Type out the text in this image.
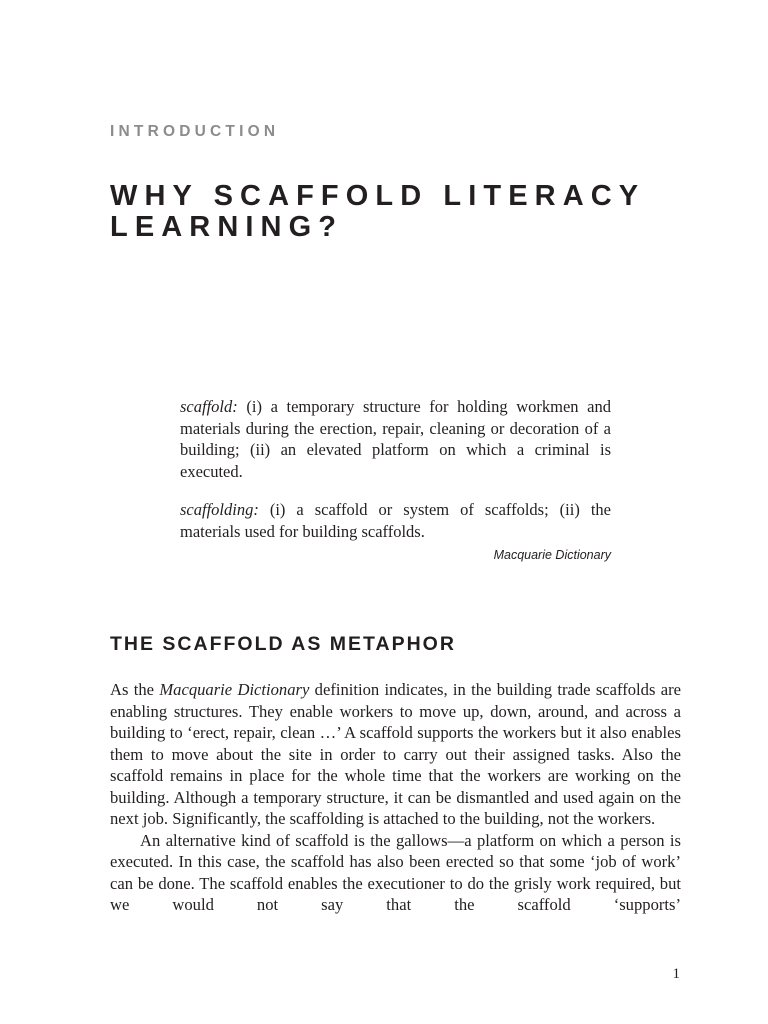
INTRODUCTION
WHY SCAFFOLD LITERACY
LEARNING?

scaffold: (i) a temporary structure for holding workmen and materials during the erection, repair, cleaning or decoration of a building; (ii) an elevated platform on which a criminal is executed.

scaffolding: (i) a scaffold or system of scaffolds; (ii) the materials used for building scaffolds.

Macquarie Dictionary
THE SCAFFOLD AS METAPHOR

As the Macquarie Dictionary definition indicates, in the building trade scaffolds are enabling structures. They enable workers to move up, down, around, and across a building to ‘erect, repair, clean …’ A scaffold supports the workers but it also enables them to move about the site in order to carry out their assigned tasks. Also the scaffold remains in place for the whole time that the workers are working on the building. Although a temporary structure, it can be dismantled and used again on the next job. Significantly, the scaffolding is attached to the building, not the workers.

An alternative kind of scaffold is the gallows—a platform on which a person is executed. In this case, the scaffold has also been erected so that some ‘job of work’ can be done. The scaffold enables the executioner to do the grisly work required, but we would not say that the scaffold ‘supports’

1
